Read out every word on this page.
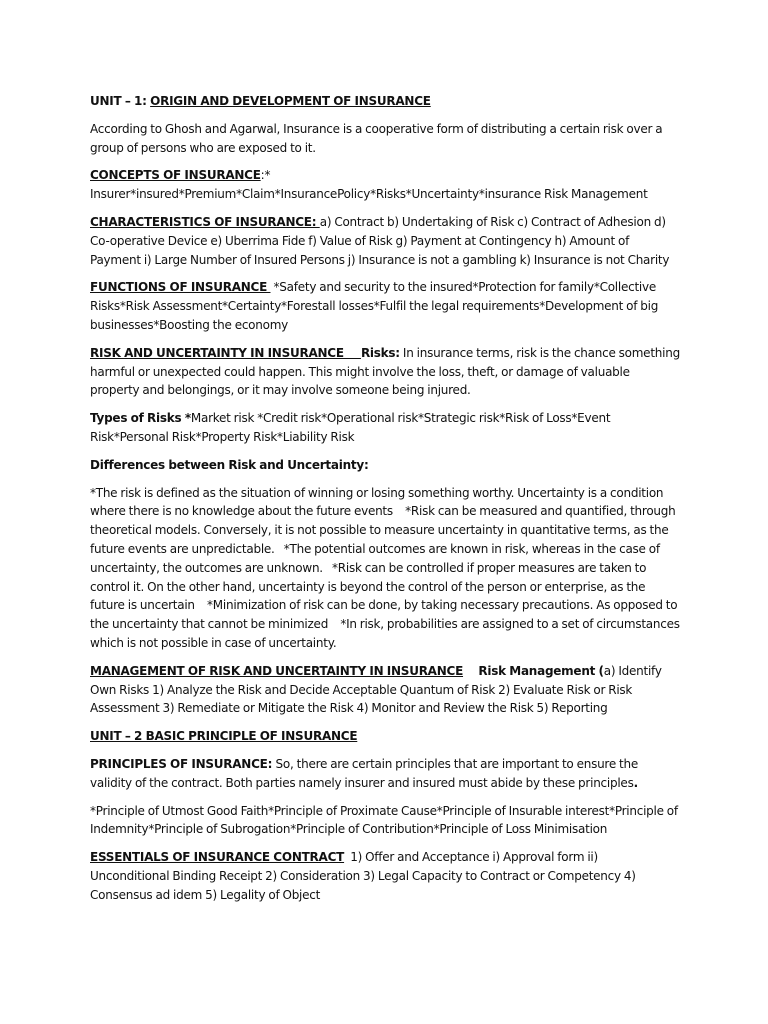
UNIT – 1: ORIGIN AND DEVELOPMENT OF INSURANCE

According to Ghosh and Agarwal, Insurance is a cooperative form of distributing a certain risk over a group of persons who are exposed to it.

CONCEPTS OF INSURANCE:*
Insurer*insured*Premium*Claim*InsurancePolicy*Risks*Uncertainty*insurance Risk Management

CHARACTERISTICS OF INSURANCE: a) Contract b) Undertaking of Risk c) Contract of Adhesion d) Co-operative Device e) Uberrima Fide f) Value of Risk g) Payment at Contingency h) Amount of Payment i) Large Number of Insured Persons j) Insurance is not a gambling k) Insurance is not Charity

FUNCTIONS OF INSURANCE  *Safety and security to the insured*Protection for family*Collective Risks*Risk Assessment*Certainty*Forestall losses*Fulfil the legal requirements*Development of big businesses*Boosting the economy

RISK AND UNCERTAINTY IN INSURANCE     Risks: In insurance terms, risk is the chance something harmful or unexpected could happen. This might involve the loss, theft, or damage of valuable property and belongings, or it may involve someone being injured.

Types of Risks *Market risk *Credit risk*Operational risk*Strategic risk*Risk of Loss*Event Risk*Personal Risk*Property Risk*Liability Risk

Differences between Risk and Uncertainty:

*The risk is defined as the situation of winning or losing something worthy. Uncertainty is a condition where there is no knowledge about the future events    *Risk can be measured and quantified, through theoretical models. Conversely, it is not possible to measure uncertainty in quantitative terms, as the future events are unpredictable.   *The potential outcomes are known in risk, whereas in the case of uncertainty, the outcomes are unknown.   *Risk can be controlled if proper measures are taken to control it. On the other hand, uncertainty is beyond the control of the person or enterprise, as the future is uncertain    *Minimization of risk can be done, by taking necessary precautions. As opposed to the uncertainty that cannot be minimized    *In risk, probabilities are assigned to a set of circumstances which is not possible in case of uncertainty.

MANAGEMENT OF RISK AND UNCERTAINTY IN INSURANCE Risk Management (a) Identify Own Risks 1) Analyze the Risk and Decide Acceptable Quantum of Risk 2) Evaluate Risk or Risk Assessment 3) Remediate or Mitigate the Risk 4) Monitor and Review the Risk 5) Reporting

UNIT – 2 BASIC PRINCIPLE OF INSURANCE

PRINCIPLES OF INSURANCE: So, there are certain principles that are important to ensure the validity of the contract. Both parties namely insurer and insured must abide by these principles.

*Principle of Utmost Good Faith*Principle of Proximate Cause*Principle of Insurable interest*Principle of Indemnity*Principle of Subrogation*Principle of Contribution*Principle of Loss Minimisation

ESSENTIALS OF INSURANCE CONTRACT  1) Offer and Acceptance i) Approval form ii) Unconditional Binding Receipt 2) Consideration 3) Legal Capacity to Contract or Competency 4) Consensus ad idem 5) Legality of Object
